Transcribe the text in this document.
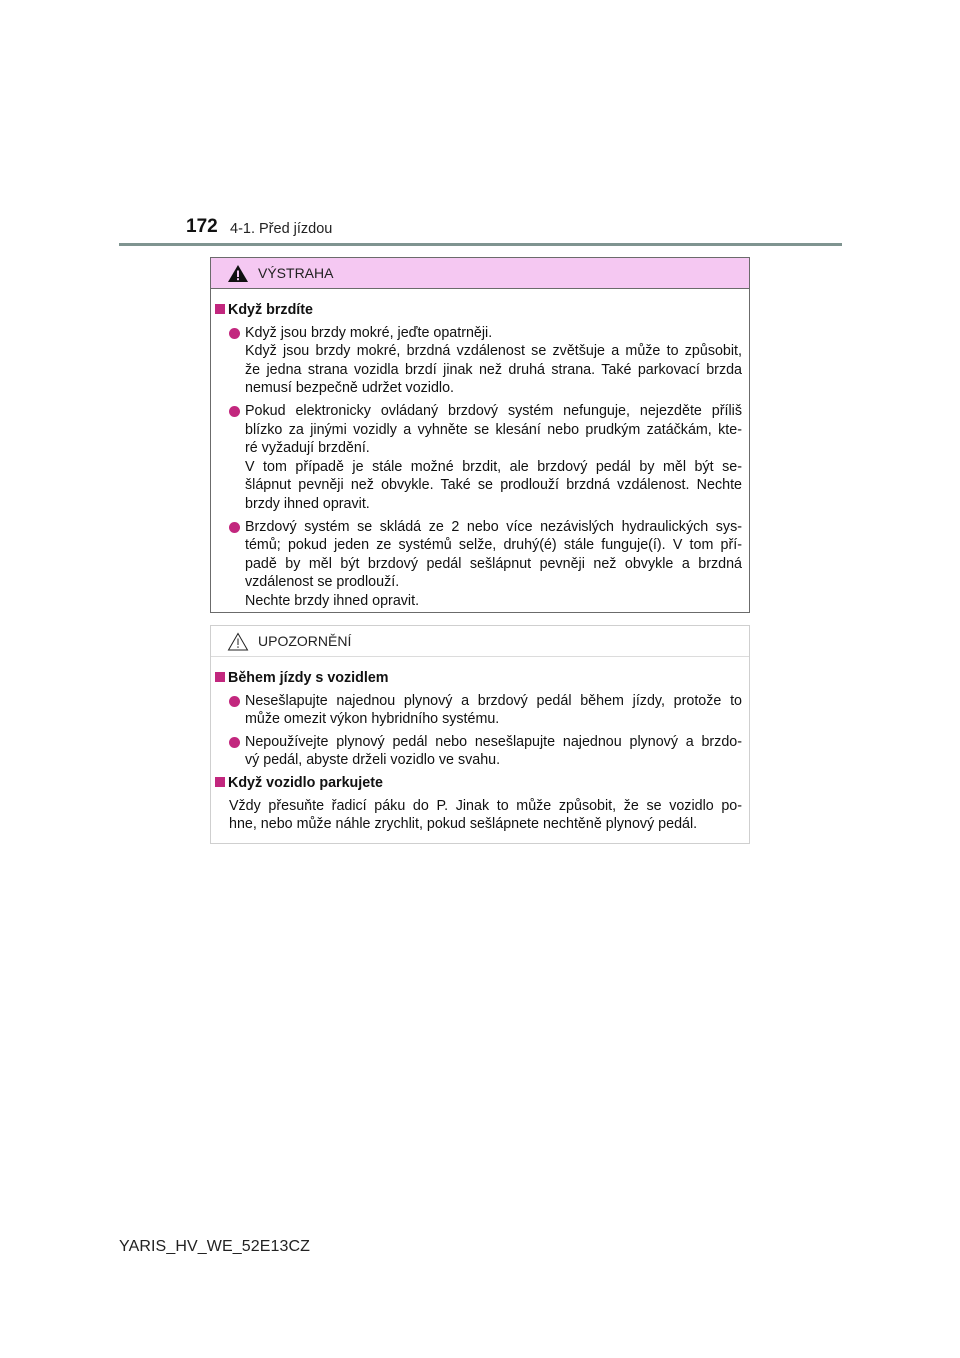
172 4-1. Před jízdou
VÝSTRAHA
Když brzdíte
Když jsou brzdy mokré, jeďte opatrněji.
Když jsou brzdy mokré, brzdná vzdálenost se zvětšuje a může to způsobit,
že jedna strana vozidla brzdí jinak než druhá strana. Také parkovací brzda
nemusí bezpečně udržet vozidlo.
Pokud elektronicky ovládaný brzdový systém nefunguje, nejezděte příliš
blízko za jinými vozidly a vyhněte se klesání nebo prudkým zatáčkám, kte-
ré vyžadují brzdění.
V tom případě je stále možné brzdit, ale brzdový pedál by měl být se-
šlápnut pevněji než obvykle. Také se prodlouží brzdná vzdálenost. Nechte
brzdy ihned opravit.
Brzdový systém se skládá ze 2 nebo více nezávislých hydraulických sys-
témů; pokud jeden ze systémů selže, druhý(é) stále funguje(í). V tom pří-
padě by měl být brzdový pedál sešlápnut pevněji než obvykle a brzdná
vzdálenost se prodlouží.
Nechte brzdy ihned opravit.
UPOZORNĚNÍ
Během jízdy s vozidlem
Nesešlapujte najednou plynový a brzdový pedál během jízdy, protože to
může omezit výkon hybridního systému.
Nepoužívejte plynový pedál nebo nesešlapujte najednou plynový a brzdo-
vý pedál, abyste drželi vozidlo ve svahu.
Když vozidlo parkujete
Vždy přesuňte řadicí páku do P. Jinak to může způsobit, že se vozidlo po-
hne, nebo může náhle zrychlit, pokud sešlápnete nechtěně plynový pedál.
YARIS_HV_WE_52E13CZ
